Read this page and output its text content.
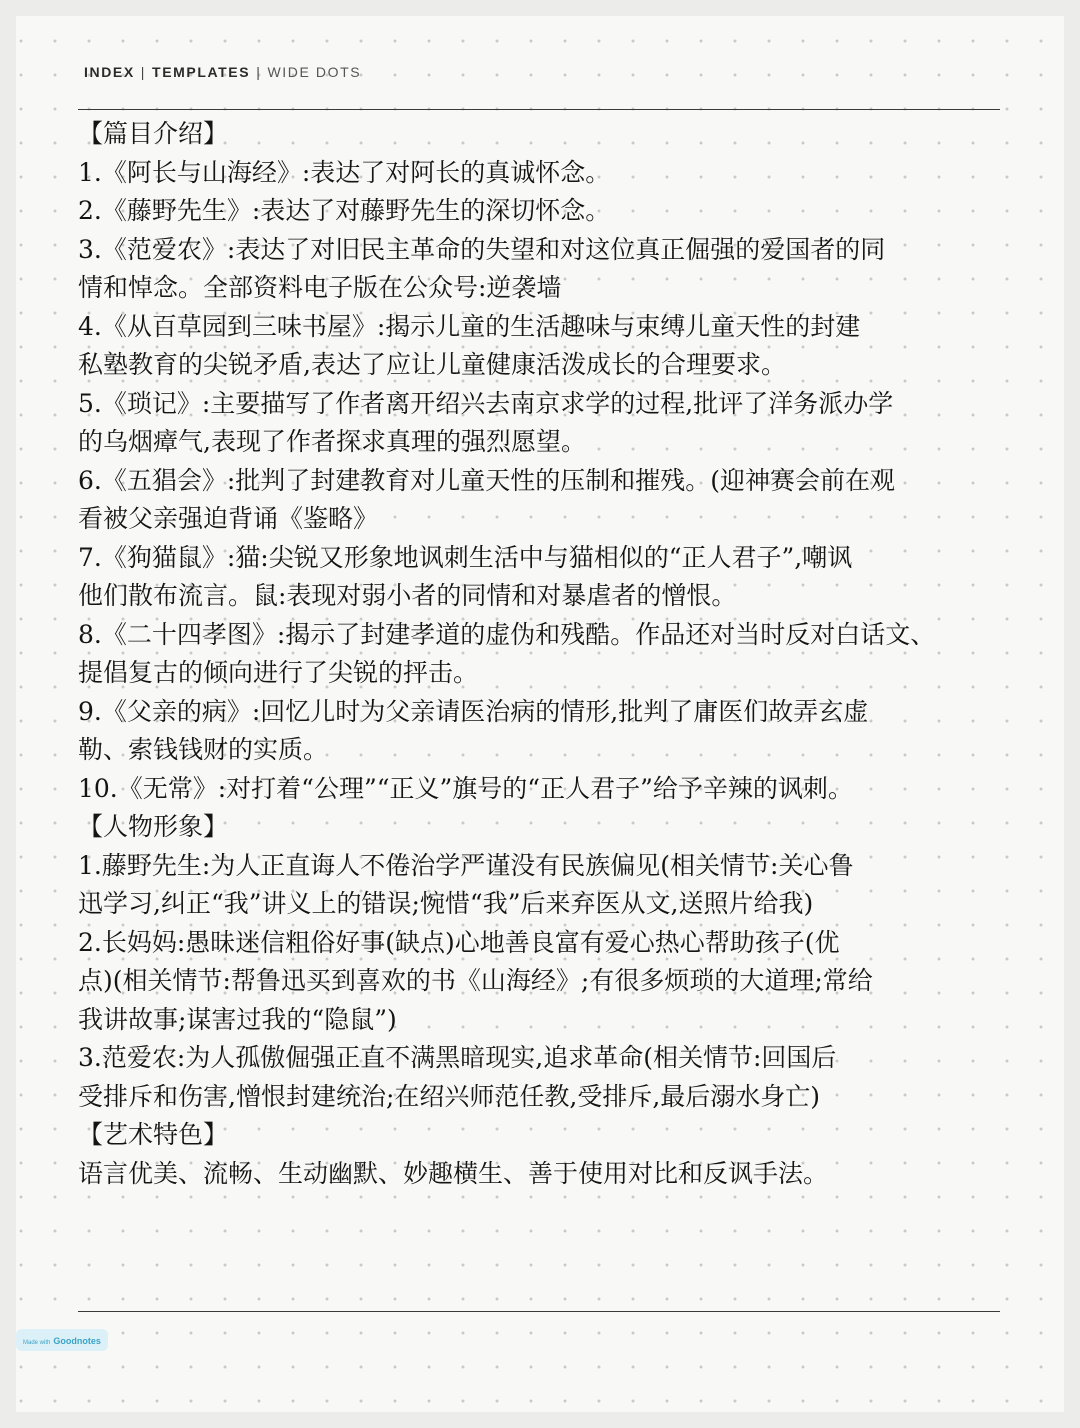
INDEX | TEMPLATES | WIDE DOTS
【篇目介绍】
1.《阿长与山海经》:表达了对阿长的真诚怀念。
2.《藤野先生》:表达了对藤野先生的深切怀念。
3.《范爱农》:表达了对旧民主革命的失望和对这位真正倔强的爱国者的同
情和悼念。全部资料电子版在公众号:逆袭墙
4.《从百草园到三味书屋》:揭示儿童的生活趣味与束缚儿童天性的封建
私塾教育的尖锐矛盾,表达了应让儿童健康活泼成长的合理要求。
5.《琐记》:主要描写了作者离开绍兴去南京求学的过程,批评了洋务派办学
的乌烟瘴气,表现了作者探求真理的强烈愿望。
6.《五猖会》:批判了封建教育对儿童天性的压制和摧残。(迎神赛会前在观
看被父亲强迫背诵《鉴略》
7.《狗猫鼠》:猫:尖锐又形象地讽刺生活中与猫相似的“正人君子”,嘲讽
他们散布流言。鼠:表现对弱小者的同情和对暴虐者的憎恨。
8.《二十四孝图》:揭示了封建孝道的虚伪和残酷。作品还对当时反对白话文、
提倡复古的倾向进行了尖锐的抨击。
9.《父亲的病》:回忆儿时为父亲请医治病的情形,批判了庸医们故弄玄虚
勒、索钱钱财的实质。
10.《无常》:对打着“公理”“正义”旗号的“正人君子”给予辛辣的讽刺。
【人物形象】
1.藤野先生:为人正直诲人不倦治学严谨没有民族偏见(相关情节:关心鲁
迅学习,纠正“我”讲义上的错误;惋惜“我”后来弃医从文,送照片给我)
2.长妈妈:愚昧迷信粗俗好事(缺点)心地善良富有爱心热心帮助孩子(优
点)(相关情节:帮鲁迅买到喜欢的书《山海经》;有很多烦琐的大道理;常给
我讲故事;谋害过我的“隐鼠”)
3.范爱农:为人孤傲倔强正直不满黑暗现实,追求革命(相关情节:回国后
受排斥和伤害,憎恨封建统治;在绍兴师范任教,受排斥,最后溺水身亡)
【艺术特色】
语言优美、流畅、生动幽默、妙趣横生、善于使用对比和反讽手法。
Made with Goodnotes
